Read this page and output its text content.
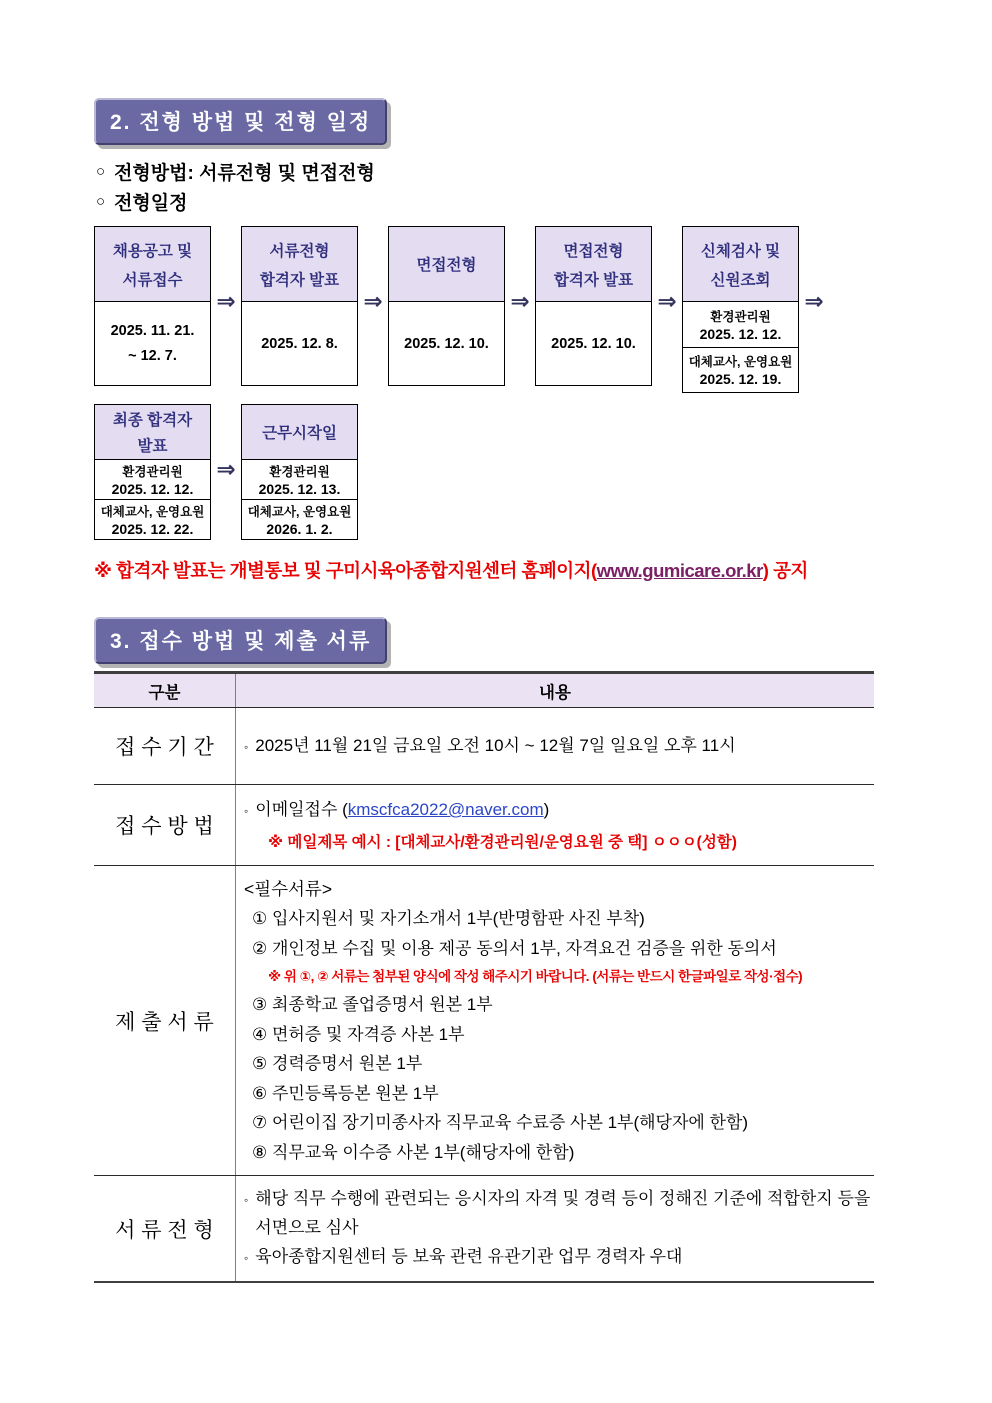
2. 전형 방법 및 전형 일정
○ 전형방법: 서류전형 및 면접전형
○ 전형일정
채용공고 및
서류접수
2025. 11. 21.
~ 12. 7.
⇒
서류전형
합격자 발표
2025. 12. 8.
⇒
면접전형
2025. 12. 10.
⇒
면접전형
합격자 발표
2025. 12. 10.
⇒
신체검사 및
신원조회
환경관리원
2025. 12. 12.
대체교사, 운영요원
2025. 12. 19.
⇒
최종 합격자
발표
환경관리원
2025. 12. 12.
대체교사, 운영요원
2025. 12. 22.
⇒
근무시작일
환경관리원
2025. 12. 13.
대체교사, 운영요원
2026. 1. 2.
※ 합격자 발표는 개별통보 및 구미시육아종합지원센터 홈페이지(www.gumicare.or.kr) 공지
3. 접수 방법 및 제출 서류
구분	내용
접 수 기 간	◦ 2025년 11월 21일 금요일 오전 10시 ~ 12월 7일 일요일 오후 11시
접 수 방 법
◦ 이메일접수 ( kmscfca2022@naver.com )
※ 메일제목 예시 : [대체교사/환경관리원/운영요원 중 택] ㅇㅇㅇ(성함)
제 출 서 류
<필수서류>
① 입사지원서 및 자기소개서 1부(반명함판 사진 부착)
② 개인정보 수집 및 이용 제공 동의서 1부, 자격요건 검증을 위한 동의서
※ 위 ①, ② 서류는 첨부된 양식에 작성 해주시기 바랍니다. (서류는 반드시 한글파일로 작성·접수)
③ 최종학교 졸업증명서 원본 1부
④ 면허증 및 자격증 사본 1부
⑤ 경력증명서 원본 1부
⑥ 주민등록등본 원본 1부
⑦ 어린이집 장기미종사자 직무교육 수료증 사본 1부(해당자에 한함)
⑧ 직무교육 이수증 사본 1부(해당자에 한함)
서 류 전 형
◦ 해당 직무 수행에 관련되는 응시자의 자격 및 경력 등이 정해진 기준에 적합한지 등을 서면으로 심사
◦ 육아종합지원센터 등 보육 관련 유관기관 업무 경력자 우대
